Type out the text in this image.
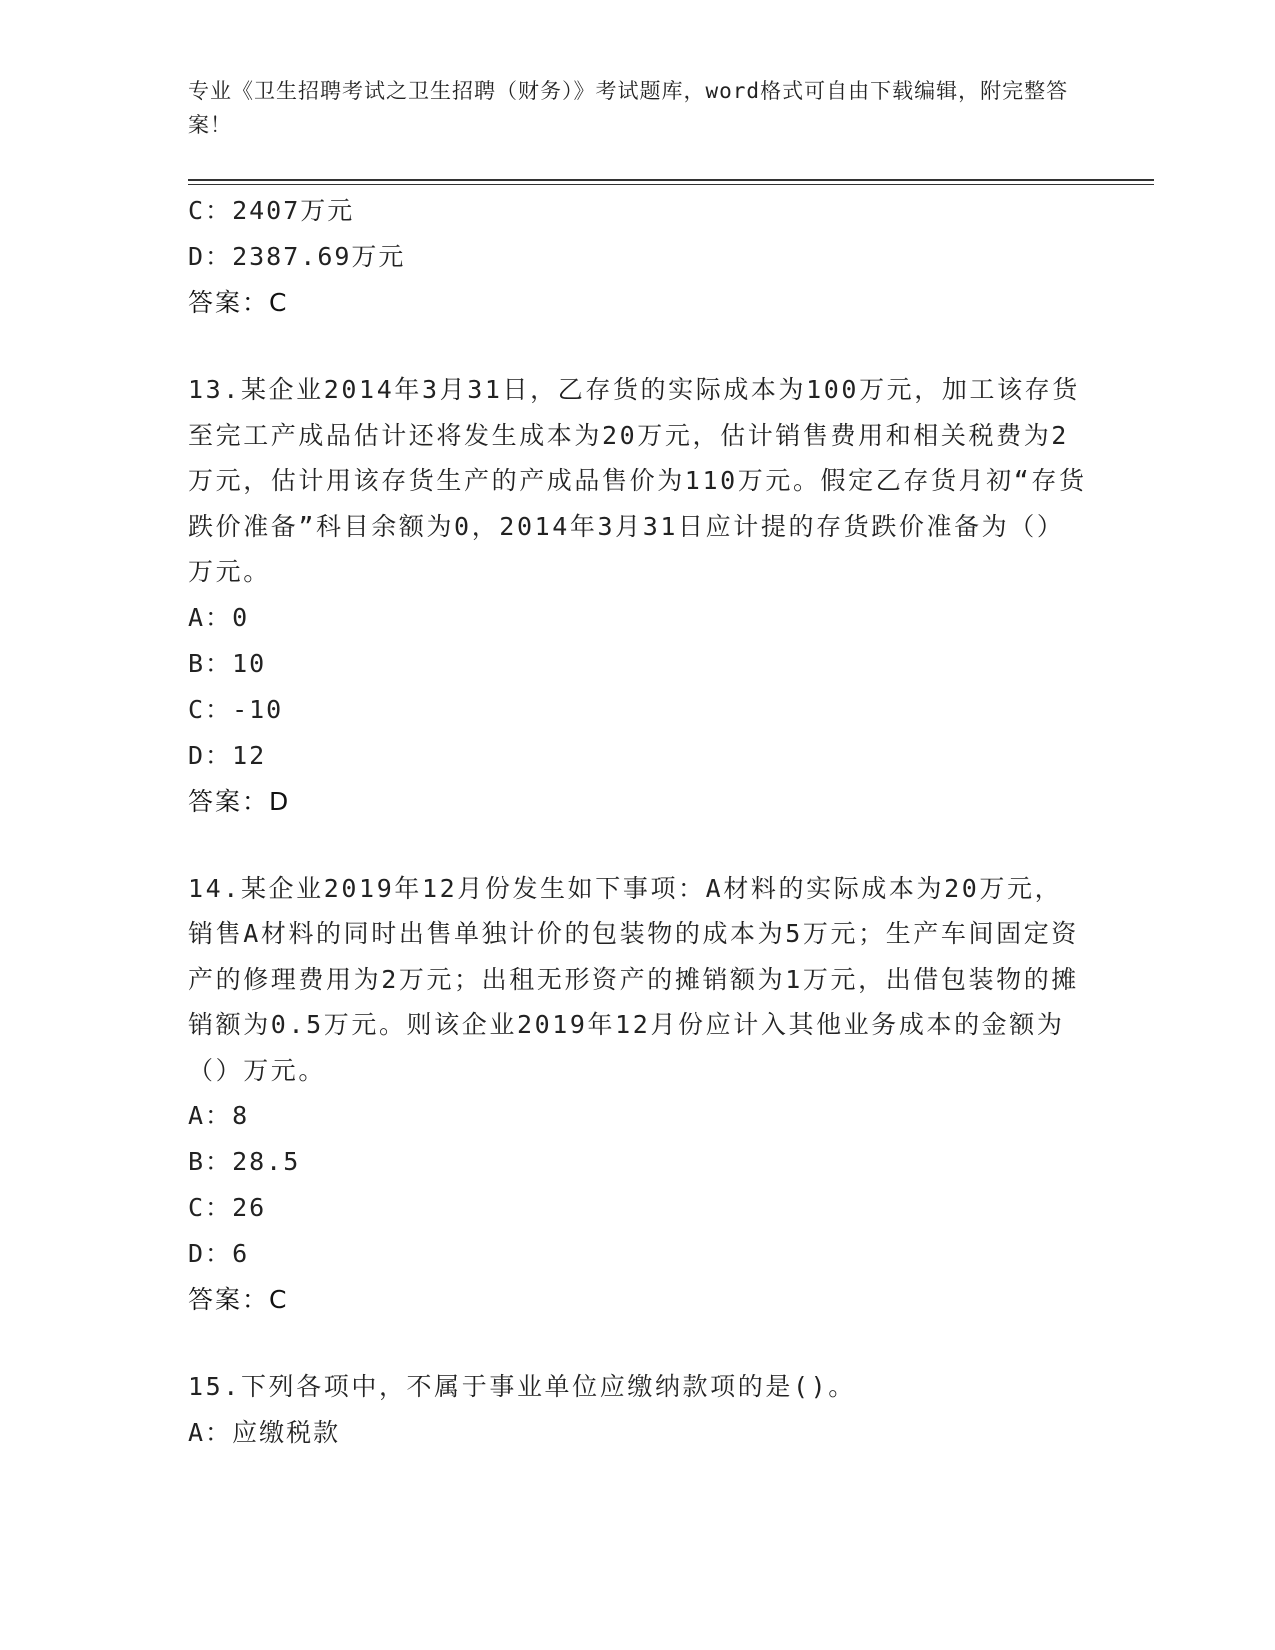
专业《卫生招聘考试之卫生招聘（财务）》考试题库，word格式可自由下载编辑，附完整答案！
C：2407万元
D：2387.69万元
答案：C
13.某企业2014年3月31日，乙存货的实际成本为100万元，加工该存货至完工产成品估计还将发生成本为20万元，估计销售费用和相关税费为2万元，估计用该存货生产的产成品售价为110万元。假定乙存货月初“存货跌价准备”科目余额为0，2014年3月31日应计提的存货跌价准备为（）万元。
A：0
B：10
C：-10
D：12
答案：D
14.某企业2019年12月份发生如下事项：A材料的实际成本为20万元，销售A材料的同时出售单独计价的包装物的成本为5万元；生产车间固定资产的修理费用为2万元；出租无形资产的摊销额为1万元，出借包装物的摊销额为0.5万元。则该企业2019年12月份应计入其他业务成本的金额为（）万元。
A：8
B：28.5
C：26
D：6
答案：C
15.下列各项中，不属于事业单位应缴纳款项的是()。
A：应缴税款
